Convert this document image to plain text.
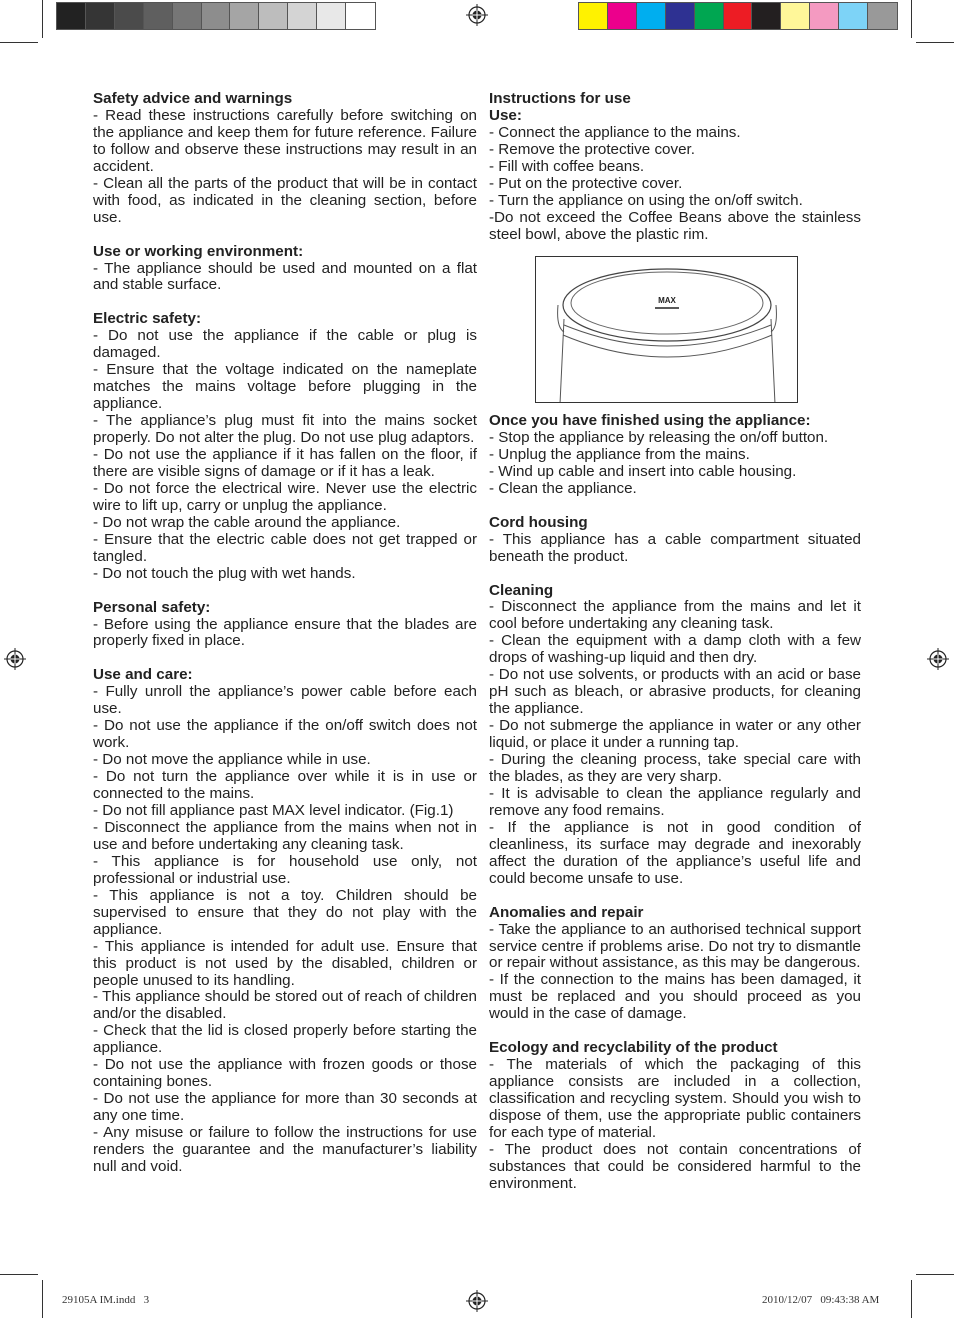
Safety advice and warnings

- Read these instructions carefully before switching on the appliance and keep them for future reference. Failure to follow and observe these instructions may result in an accident.

- Clean all the parts of the product that will be in contact with food, as indicated in the cleaning section, before use.

Use or working environment:

- The appliance should be used and mounted on a flat and stable surface.

Electric safety:

- Do not use the appliance if the cable or plug is damaged.

- Ensure that the voltage indicated on the nameplate matches the mains voltage before plugging in the appliance.

- The appliance’s plug must fit into the mains socket properly. Do not alter the plug. Do not use plug adaptors.

- Do not use the appliance if it has fallen on the floor, if there are visible signs of damage or if it has a leak.

- Do not force the electrical wire. Never use the electric wire to lift up, carry or unplug the appliance.

- Do not wrap the cable around the appliance.

- Ensure that the electric cable does not get trapped or tangled.

- Do not touch the plug with wet hands.

Personal safety:

- Before using the appliance ensure that the blades are properly fixed in place.

Use and care:

- Fully unroll the appliance’s power cable before each use.

- Do not use the appliance if the on/off switch does not work.

- Do not move the appliance while in use.

- Do not turn the appliance over while it is in use or connected to the mains.

- Do not fill appliance past MAX level indicator. (Fig.1)

- Disconnect the appliance from the mains when not in use and before undertaking any cleaning task.

- This appliance is for household use only, not professional or industrial use.

- This appliance is not a toy. Children should be supervised to ensure that they do not play with the appliance.

- This appliance is intended for adult use. Ensure that this product is not used by the disabled, children or people unused to its handling.

- This appliance should be stored out of reach of children and/or the disabled.

- Check that the lid is closed properly before starting the appliance.

- Do not use the appliance with frozen goods or those containing bones.

- Do not use the appliance for more than 30 seconds at any one time.

- Any misuse or failure to follow the instructions for use renders the guarantee and the manufacturer’s liability null and void.

Instructions for use

Use:

- Connect the appliance to the mains.

- Remove the protective cover.

- Fill with coffee beans.

- Put on the protective cover.

- Turn the appliance on using the on/off switch.

-Do not exceed the Coffee Beans above the stainless steel bowl, above the plastic rim.

MAX

Once you have finished using the appliance:

- Stop the appliance by releasing the on/off button.

- Unplug the appliance from the mains.

- Wind up cable and insert into cable housing.

- Clean the appliance.

Cord housing

- This appliance has a cable compartment situated beneath the product.

Cleaning

- Disconnect the appliance from the mains and let it cool before undertaking any cleaning task.

- Clean the equipment with a damp cloth with a few drops of washing-up liquid and then dry.

- Do not use solvents, or products with an acid or base pH such as bleach, or abrasive products, for cleaning the appliance.

- Do not submerge the appliance in water or any other liquid, or place it under a running tap.

- During the cleaning process, take special care with the blades, as they are very sharp.

- It is advisable to clean the appliance regularly and remove any food remains.

- If the appliance is not in good condition of cleanliness, its surface may degrade and inexorably affect the duration of the appliance’s useful life and could become unsafe to use.

Anomalies and repair

- Take the appliance to an authorised technical support service centre if problems arise. Do not try to dismantle or repair without assistance, as this may be dangerous.

- If the connection to the mains has been damaged, it must be replaced and you should proceed as you would in the case of damage.

Ecology and recyclability of the product

- The materials of which the packaging of this appliance consists are included in a collection, classification and recycling system. Should you wish to dispose of them, use the appropriate public containers for each type of material.

- The product does not contain concentrations of substances that could be considered harmful to the environment.

29105A IM.indd   3	2010/12/07   09:43:38 AM
